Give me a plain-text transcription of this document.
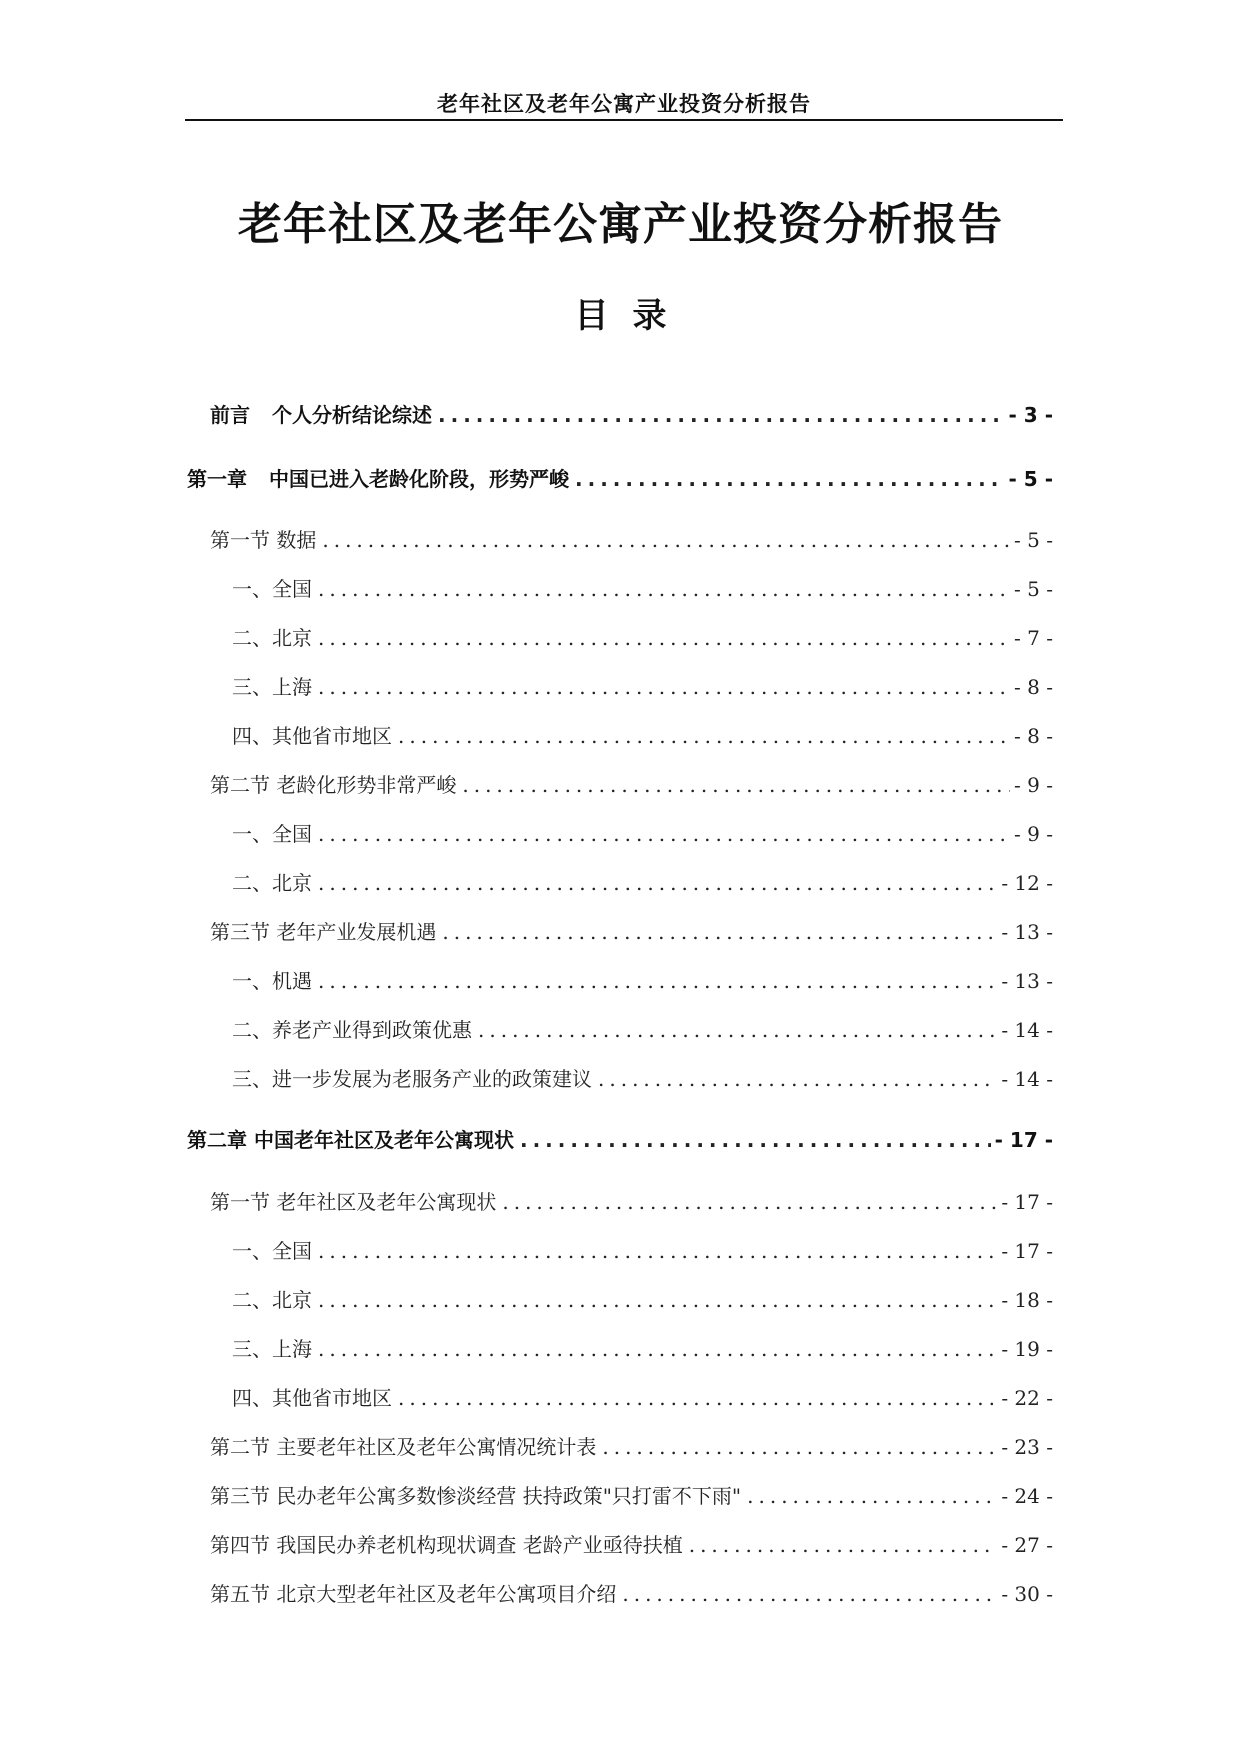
老年社区及老年公寓产业投资分析报告
老年社区及老年公寓产业投资分析报告
目 录
前言 个人分析结论综述 .....	- 3 -
第一章 中国已进入老龄化阶段，形势严峻 .....	- 5 -
第一节 数据 .....	- 5 -
一、全国 .....	- 5 -
二、北京 .....	- 7 -
三、上海 .....	- 8 -
四、其他省市地区 .....	- 8 -
第二节 老龄化形势非常严峻 .....	- 9 -
一、全国 .....	- 9 -
二、北京 .....	- 12 -
第三节 老年产业发展机遇 .....	- 13 -
一、机遇 .....	- 13 -
二、养老产业得到政策优惠 .....	- 14 -
三、进一步发展为老服务产业的政策建议 .....	- 14 -
第二章 中国老年社区及老年公寓现状 .....	- 17 -
第一节 老年社区及老年公寓现状 .....	- 17 -
一、全国 .....	- 17 -
二、北京 .....	- 18 -
三、上海 .....	- 19 -
四、其他省市地区 .....	- 22 -
第二节 主要老年社区及老年公寓情况统计表 .....	- 23 -
第三节 民办老年公寓多数惨淡经营 扶持政策"只打雷不下雨" .....	- 24 -
第四节 我国民办养老机构现状调查 老龄产业亟待扶植 .....	- 27 -
第五节 北京大型老年社区及老年公寓项目介绍 .....	- 30 -
